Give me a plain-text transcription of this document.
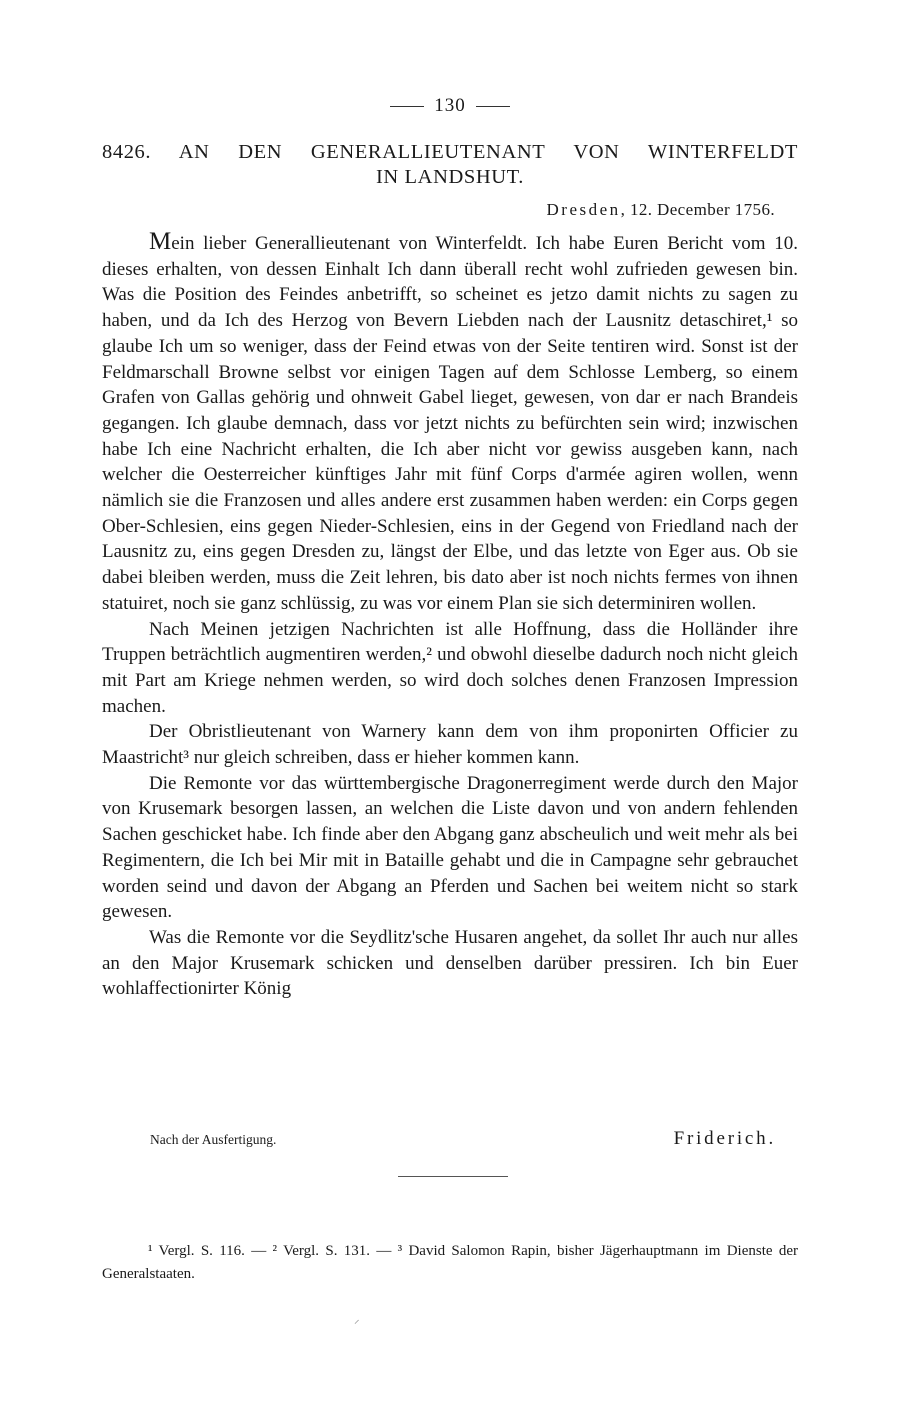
130
8426. AN DEN GENERALLIEUTENANT VON WINTERFELDT
IN LANDSHUT.
Dresden, 12. December 1756.

Mein lieber Generallieutenant von Winterfeldt. Ich habe Euren Bericht vom 10. dieses erhalten, von dessen Einhalt Ich dann überall recht wohl zufrieden gewesen bin. Was die Position des Feindes anbetrifft, so scheinet es jetzo damit nichts zu sagen zu haben, und da Ich des Herzog von Bevern Liebden nach der Lausnitz detaschiret,¹ so glaube Ich um so weniger, dass der Feind etwas von der Seite tentiren wird. Sonst ist der Feldmarschall Browne selbst vor einigen Tagen auf dem Schlosse Lemberg, so einem Grafen von Gallas gehörig und ohnweit Gabel lieget, gewesen, von dar er nach Brandeis gegangen. Ich glaube demnach, dass vor jetzt nichts zu befürchten sein wird; inzwischen habe Ich eine Nachricht erhalten, die Ich aber nicht vor gewiss ausgeben kann, nach welcher die Oesterreicher künftiges Jahr mit fünf Corps d'armée agiren wollen, wenn nämlich sie die Franzosen und alles andere erst zusammen haben werden: ein Corps gegen Ober-Schlesien, eins gegen Nieder-Schlesien, eins in der Gegend von Friedland nach der Lausnitz zu, eins gegen Dresden zu, längst der Elbe, und das letzte von Eger aus. Ob sie dabei bleiben werden, muss die Zeit lehren, bis dato aber ist noch nichts fermes von ihnen statuiret, noch sie ganz schlüssig, zu was vor einem Plan sie sich determiniren wollen.

Nach Meinen jetzigen Nachrichten ist alle Hoffnung, dass die Holländer ihre Truppen beträchtlich augmentiren werden,² und obwohl dieselbe dadurch noch nicht gleich mit Part am Kriege nehmen werden, so wird doch solches denen Franzosen Impression machen.

Der Obristlieutenant von Warnery kann dem von ihm proponirten Officier zu Maastricht³ nur gleich schreiben, dass er hieher kommen kann.

Die Remonte vor das württembergische Dragonerregiment werde durch den Major von Krusemark besorgen lassen, an welchen die Liste davon und von andern fehlenden Sachen geschicket habe. Ich finde aber den Abgang ganz abscheulich und weit mehr als bei Regimentern, die Ich bei Mir mit in Bataille gehabt und die in Campagne sehr gebrauchet worden seind und davon der Abgang an Pferden und Sachen bei weitem nicht so stark gewesen.

Was die Remonte vor die Seydlitz'sche Husaren angehet, da sollet Ihr auch nur alles an den Major Krusemark schicken und denselben darüber pressiren. Ich bin Euer wohlaffectionirter König

Nach der Ausfertigung.	Friderich.

¹ Vergl. S. 116. — ² Vergl. S. 131. — ³ David Salomon Rapin, bisher Jägerhauptmann im Dienste der Generalstaaten.

⸝
